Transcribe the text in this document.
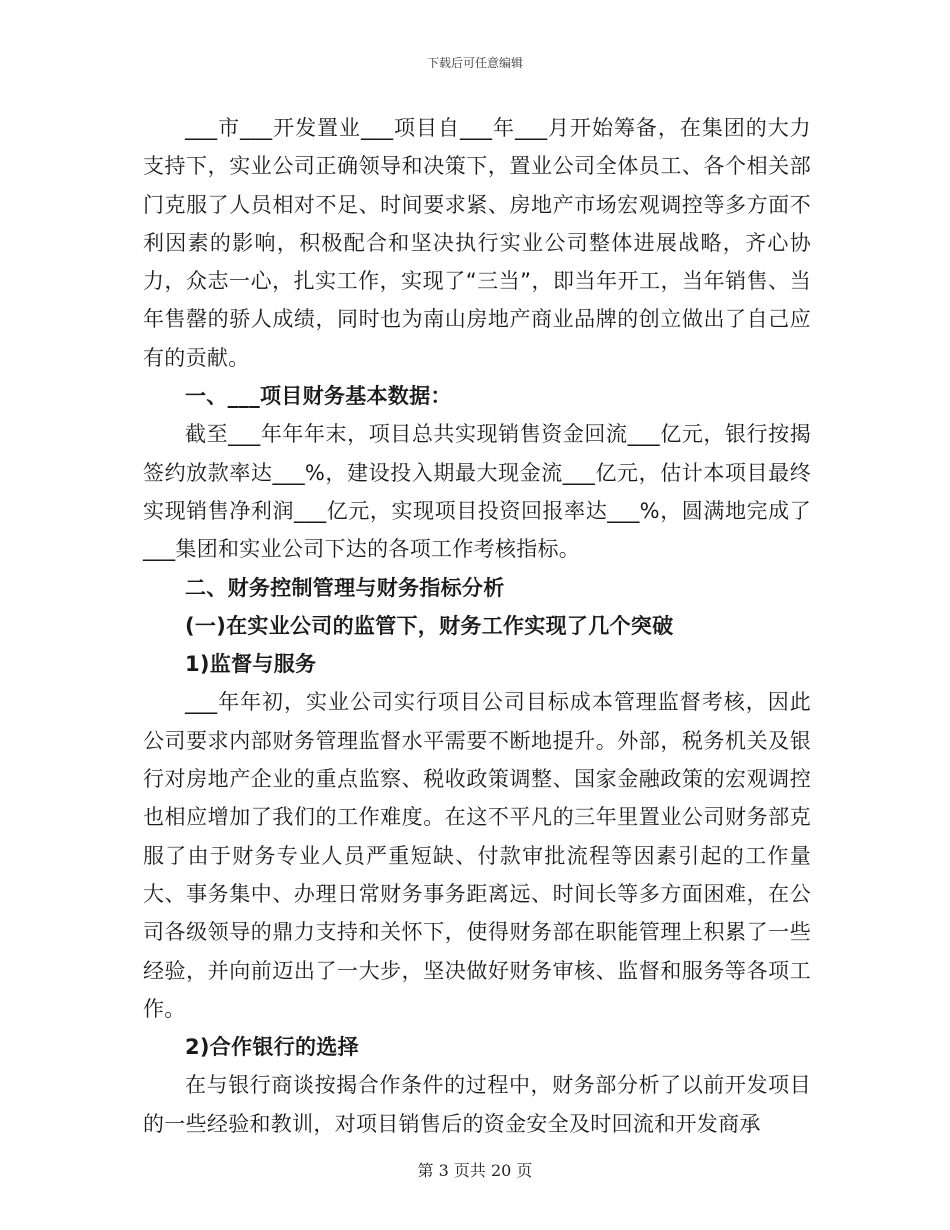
下载后可任意编辑

___市___开发置业___项目自___年___月开始筹备，在集团的大力支持下，实业公司正确领导和决策下，置业公司全体员工、各个相关部门克服了人员相对不足、时间要求紧、房地产市场宏观调控等多方面不利因素的影响，积极配合和坚决执行实业公司整体进展战略，齐心协力，众志一心，扎实工作，实现了“三当”，即当年开工，当年销售、当年售罄的骄人成绩，同时也为南山房地产商业品牌的创立做出了自己应有的贡献。

一、___项目财务基本数据：

截至___年年年末，项目总共实现销售资金回流___亿元，银行按揭签约放款率达___%，建设投入期最大现金流___亿元，估计本项目最终实现销售净利润___亿元，实现项目投资回报率达___%，圆满地完成了___集团和实业公司下达的各项工作考核指标。

二、财务控制管理与财务指标分析

(一)在实业公司的监管下，财务工作实现了几个突破

1)监督与服务

___年年初，实业公司实行项目公司目标成本管理监督考核，因此公司要求内部财务管理监督水平需要不断地提升。外部，税务机关及银行对房地产企业的重点监察、税收政策调整、国家金融政策的宏观调控也相应增加了我们的工作难度。在这不平凡的三年里置业公司财务部克服了由于财务专业人员严重短缺、付款审批流程等因素引起的工作量大、事务集中、办理日常财务事务距离远、时间长等多方面困难，在公司各级领导的鼎力支持和关怀下，使得财务部在职能管理上积累了一些经验，并向前迈出了一大步，坚决做好财务审核、监督和服务等各项工作。

2)合作银行的选择

在与银行商谈按揭合作条件的过程中，财务部分析了以前开发项目的一些经验和教训，对项目销售后的资金安全及时回流和开发商承

第 3 页共 20 页
